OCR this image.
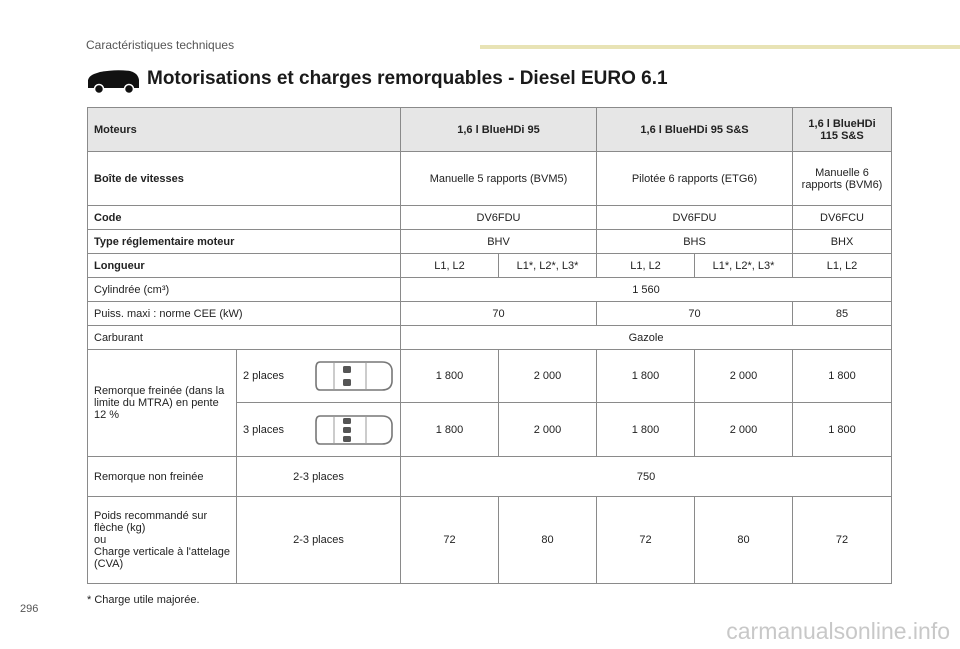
Caractéristiques techniques
Motorisations et charges remorquables - Diesel EURO 6.1
Moteurs		1,6 l BlueHDi 95		1,6 l BlueHDi 95 S&S		1,6 l BlueHDi 115 S&S
Boîte de vitesses		Manuelle 5 rapports (BVM5)		Pilotée 6 rapports (ETG6)		Manuelle 6 rapports (BVM6)
Code		DV6FDU		DV6FDU		DV6FCU
Type réglementaire moteur		BHV		BHS		BHX
Longueur		L1, L2	L1*, L2*, L3*	L1, L2	L1*, L2*, L3*	L1, L2
Cylindrée (cm³)		1 560				
Puiss. maxi : norme CEE (kW)		70		70		85
Carburant		Gazole				
Remorque freinée (dans la limite du MTRA) en pente 12 %	2 places	1 800	2 000	1 800	2 000	1 800

	3 places	1 800	2 000	1 800	2 000	1 800
Remorque non freinée	2-3 places	750				

Poids recommandé sur flèche (kg)
ou
Charge verticale à l'attelage (CVA)	2-3 places	72	80	72	80	72
* Charge utile majorée.
296
carmanualsonline.info
